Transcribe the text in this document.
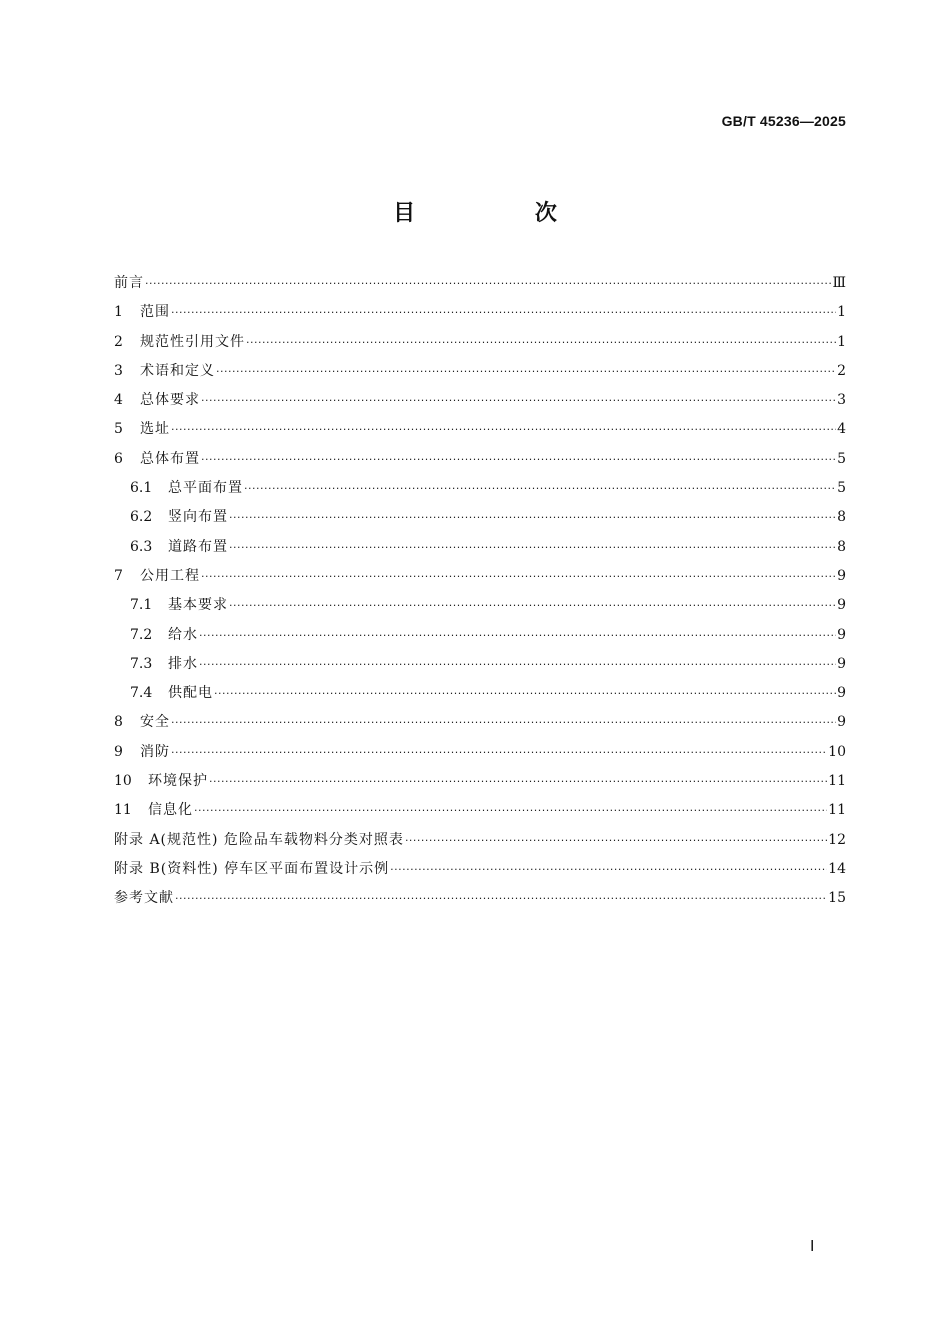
GB/T 45236—2025
目 次
前言 ·····	Ⅲ
1	范围 ·····	1
2	规范性引用文件 ·····	1
3	术语和定义 ·····	2
4	总体要求 ·····	3
5	选址 ·····	4
6	总体布置 ·····	5
6.1	总平面布置 ·····	5
6.2	竖向布置 ·····	8
6.3	道路布置 ·····	8
7	公用工程 ·····	9
7.1	基本要求 ·····	9
7.2	给水 ·····	9
7.3	排水 ·····	9
7.4	供配电 ·····	9
8	安全 ·····	9
9	消防 ·····	10
10	环境保护 ·····	11
11	信息化 ·····	11
附录 A(规范性) 危险品车载物料分类对照表 ·····	12
附录 B(资料性) 停车区平面布置设计示例 ·····	14
参考文献 ·····	15
Ⅰ
